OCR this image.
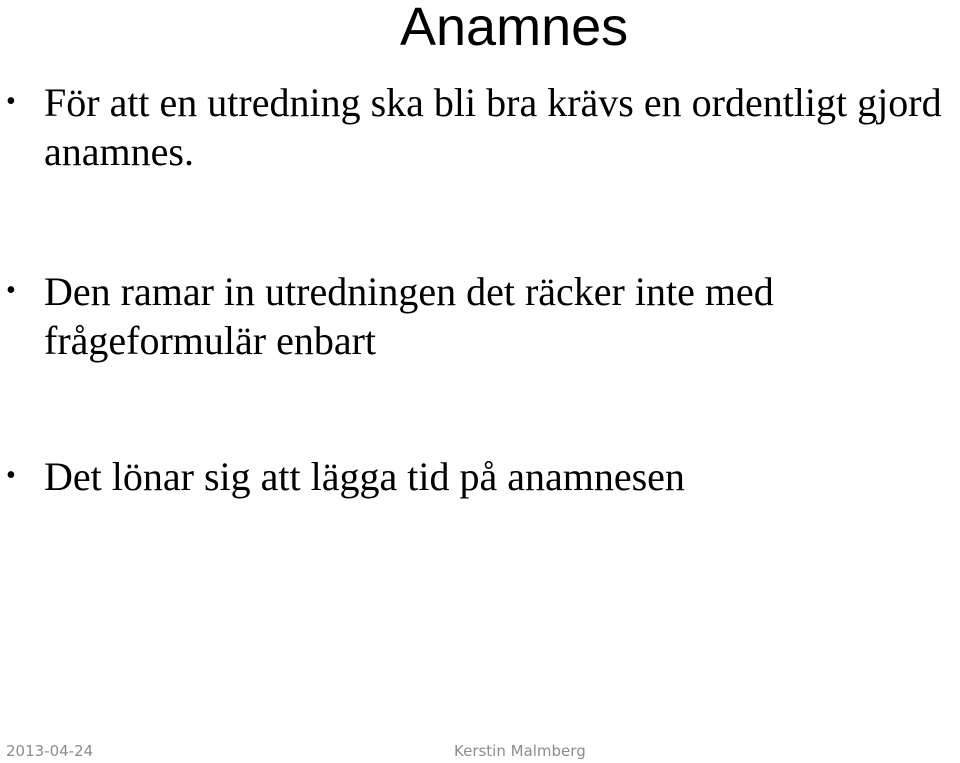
Anamnes
• För att en utredning ska bli bra krävs en ordentligt gjord anamnes.
• Den ramar in utredningen det räcker inte med frågeformulär enbart
• Det lönar sig att lägga tid på anamnesen
2013-04-24	Kerstin Malmberg
